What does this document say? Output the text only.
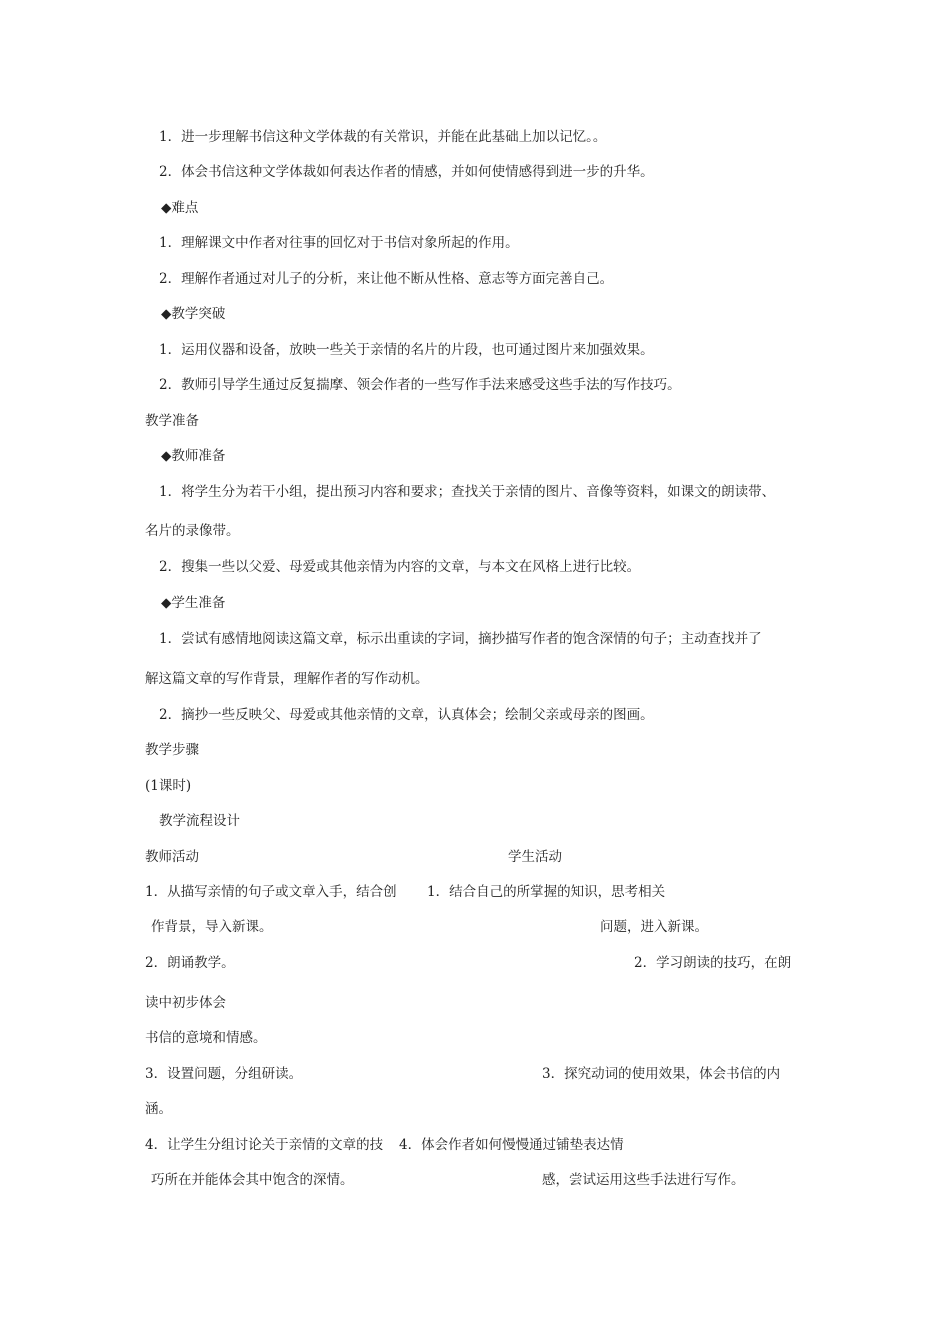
1．进一步理解书信这种文学体裁的有关常识，并能在此基础上加以记忆。。
2．体会书信这种文学体裁如何表达作者的情感，并如何使情感得到进一步的升华。
◆难点
1．理解课文中作者对往事的回忆对于书信对象所起的作用。
2．理解作者通过对儿子的分析，来让他不断从性格、意志等方面完善自己。
◆教学突破
1．运用仪器和设备，放映一些关于亲情的名片的片段，也可通过图片来加强效果。
2．教师引导学生通过反复揣摩、领会作者的一些写作手法来感受这些手法的写作技巧。
教学准备
◆教师准备
1．将学生分为若干小组，提出预习内容和要求；查找关于亲情的图片、音像等资料，如课文的朗读带、
名片的录像带。
2．搜集一些以父爱、母爱或其他亲情为内容的文章，与本文在风格上进行比较。
◆学生准备
1．尝试有感情地阅读这篇文章，标示出重读的字词，摘抄描写作者的饱含深情的句子；主动查找并了
解这篇文章的写作背景，理解作者的写作动机。
2．摘抄一些反映父、母爱或其他亲情的文章，认真体会；绘制父亲或母亲的图画。
教学步骤
(1课时)
教学流程设计
教师活动	学生活动
1．从描写亲情的句子或文章入手，结合创 1．结合自己的所掌握的知识，思考相关
作背景，导入新课。	问题，进入新课。
2．朗诵教学。	2．学习朗读的技巧，在朗
读中初步体会
书信的意境和情感。
3．设置问题，分组研读。	3．探究动词的使用效果，体会书信的内
涵。
4．让学生分组讨论关于亲情的文章的技 4．体会作者如何慢慢通过铺垫表达情
巧所在并能体会其中饱含的深情。	感，尝试运用这些手法进行写作。
